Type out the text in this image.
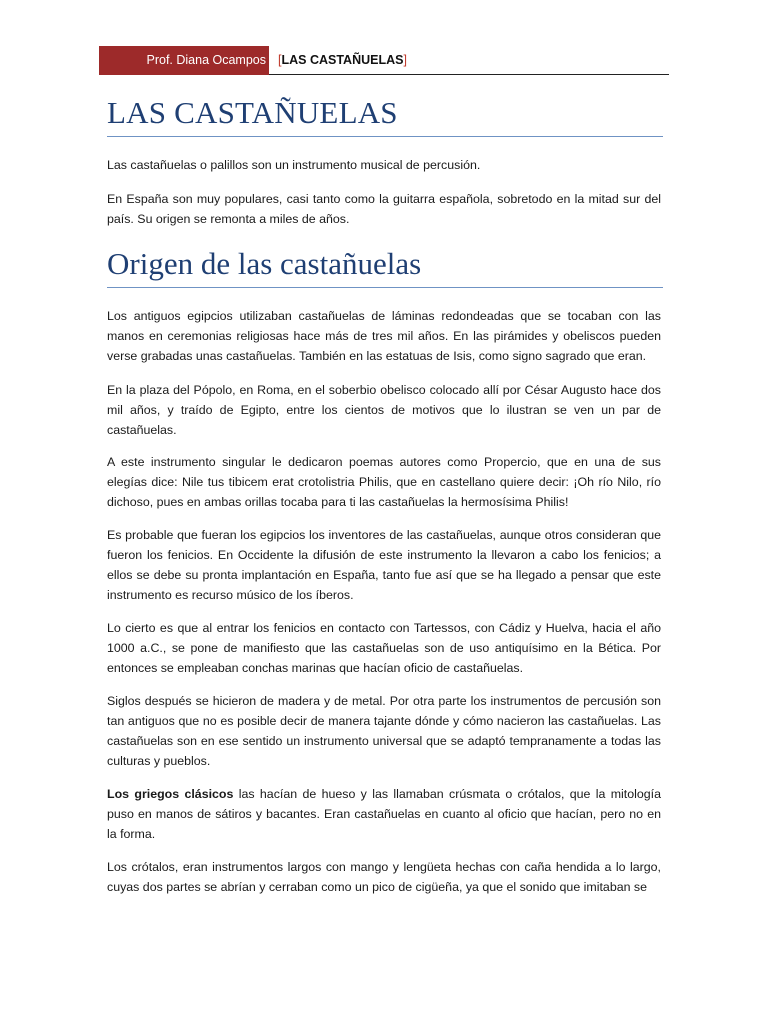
Prof. Diana Ocampos [LAS CASTAÑUELAS]
LAS CASTAÑUELAS

Las castañuelas o palillos son un instrumento musical de percusión.

En España son muy populares, casi tanto como la guitarra española, sobretodo en la mitad sur del país. Su origen se remonta a miles de años.

Origen de las castañuelas

Los antiguos egipcios utilizaban castañuelas de láminas redondeadas que se tocaban con las manos en ceremonias religiosas hace más de tres mil años. En las pirámides y obeliscos pueden verse grabadas unas castañuelas. También en las estatuas de Isis, como signo sagrado que eran.

En la plaza del Pópolo, en Roma, en el soberbio obelisco colocado allí por César Augusto hace dos mil años, y traído de Egipto, entre los cientos de motivos que lo ilustran se ven un par de castañuelas.

A este instrumento singular le dedicaron poemas autores como Propercio, que en una de sus elegías dice: Nile tus tibicem erat crotolistria Philis, que en castellano quiere decir: ¡Oh río Nilo, río dichoso, pues en ambas orillas tocaba para ti las castañuelas la hermosísima Philis!

Es probable que fueran los egipcios los inventores de las castañuelas, aunque otros consideran que fueron los fenicios. En Occidente la difusión de este instrumento la llevaron a cabo los fenicios; a ellos se debe su pronta implantación en España, tanto fue así que se ha llegado a pensar que este instrumento es recurso músico de los íberos.

Lo cierto es que al entrar los fenicios en contacto con Tartessos, con Cádiz y Huelva, hacia el año 1000 a.C., se pone de manifiesto que las castañuelas son de uso antiquísimo en la Bética. Por entonces se empleaban conchas marinas que hacían oficio de castañuelas.

Siglos después se hicieron de madera y de metal. Por otra parte los instrumentos de percusión son tan antiguos que no es posible decir de manera tajante dónde y cómo nacieron las castañuelas. Las castañuelas son en ese sentido un instrumento universal que se adaptó tempranamente a todas las culturas y pueblos.

Los griegos clásicos las hacían de hueso y las llamaban crúsmata o crótalos, que la mitología puso en manos de sátiros y bacantes. Eran castañuelas en cuanto al oficio que hacían, pero no en la forma.

Los crótalos, eran instrumentos largos con mango y lengüeta hechas con caña hendida a lo largo, cuyas dos partes se abrían y cerraban como un pico de cigüeña, ya que el sonido que imitaban se
